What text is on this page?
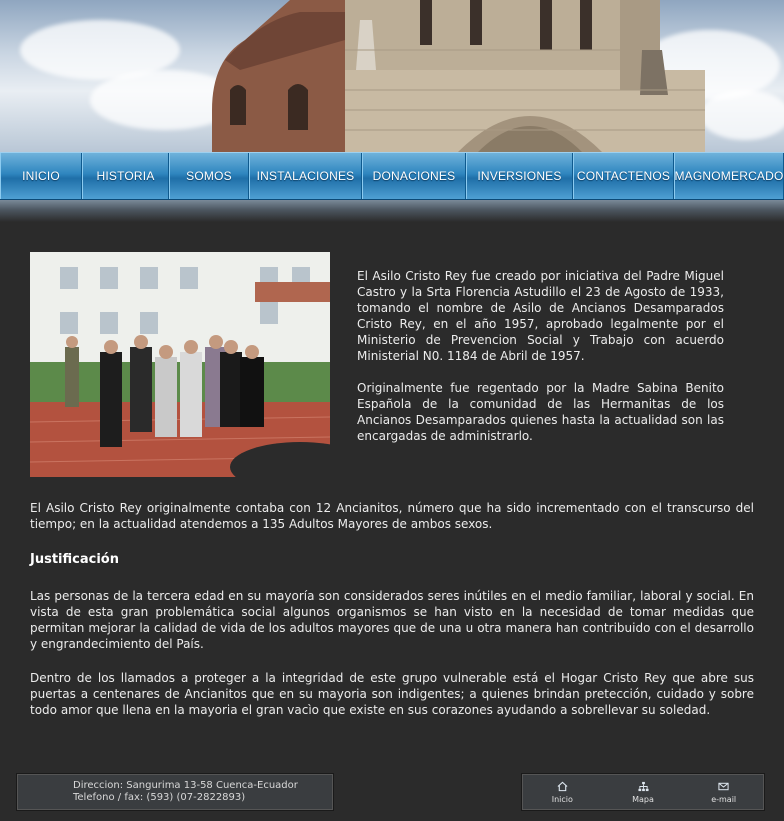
INICIO	HISTORIA	SOMOS	INSTALACIONES	DONACIONES	INVERSIONES	CONTACTENOS MAGNOMERCADO

El Asilo Cristo Rey fue creado por iniciativa del Padre Miguel Castro y la Srta Florencia Astudillo el 23 de Agosto de 1933, tomando el nombre de Asilo de Ancianos Desamparados Cristo Rey, en el año 1957, aprobado legalmente por el Ministerio de Prevencion Social y Trabajo con acuerdo Ministerial N0. 1184 de Abril de 1957.

Originalmente fue regentado por la Madre Sabina Benito Española de la comunidad de las Hermanitas de los Ancianos Desamparados quienes hasta la actualidad son las encargadas de administrarlo.

El Asilo Cristo Rey originalmente contaba con 12 Ancianitos, número que ha sido incrementado con el transcurso del tiempo; en la actualidad atendemos a 135 Adultos Mayores de ambos sexos.

Justificación

Las personas de la tercera edad en su mayoría son considerados seres inútiles en el medio familiar, laboral y social. En vista de esta gran problemática social algunos organismos se han visto en la necesidad de tomar medidas que permitan mejorar la calidad de vida de los adultos mayores que de una u otra manera han contribuido con el desarrollo y engrandecimiento del País.

Dentro de los llamados a proteger a la integridad de este grupo vulnerable está el Hogar Cristo Rey que abre sus puertas a centenares de Ancianitos que en su mayoria son indigentes; a quienes brindan pretección, cuidado y sobre todo amor que llena en la mayoria el gran vacìo que existe en sus corazones ayudando a sobrellevar su soledad.

Direccion: Sangurima 13-58 Cuenca-Ecuador
Telefono / fax: (593) (07-2822893)	Inicio	Mapa	e-mail
